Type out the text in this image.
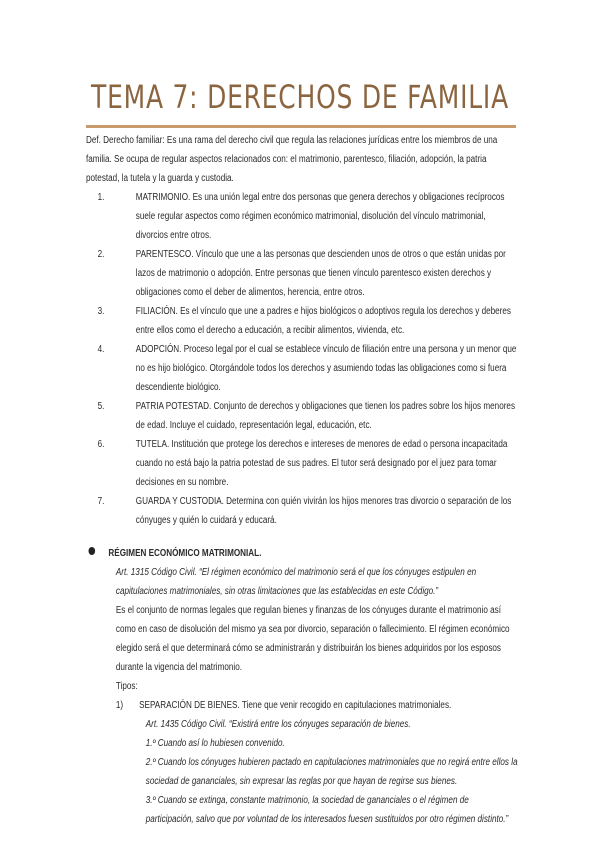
TEMA 7: DERECHOS DE FAMILIA

Def. Derecho familiar: Es una rama del derecho civil que regula las relaciones jurídicas entre los miembros de una familia. Se ocupa de regular aspectos relacionados con: el matrimonio, parentesco, filiación, adopción, la patria potestad, la tutela y la guarda y custodia.

1.	MATRIMONIO. Es una unión legal entre dos personas que genera derechos y obligaciones recíprocos suele regular aspectos como régimen económico matrimonial, disolución del vínculo matrimonial, divorcios entre otros.
2.	PARENTESCO. Vínculo que une a las personas que descienden unos de otros o que están unidas por lazos de matrimonio o adopción. Entre personas que tienen vínculo parentesco existen derechos y obligaciones como el deber de alimentos, herencia, entre otros.
3.	FILIACIÓN. Es el vínculo que une a padres e hijos biológicos o adoptivos regula los derechos y deberes entre ellos como el derecho a educación, a recibir alimentos, vivienda, etc.
4.	ADOPCIÓN. Proceso legal por el cual se establece vínculo de filiación entre una persona y un menor que no es hijo biológico. Otorgándole todos los derechos y asumiendo todas las obligaciones como si fuera descendiente biológico.
5.	PATRIA POTESTAD. Conjunto de derechos y obligaciones que tienen los padres sobre los hijos menores de edad. Incluye el cuidado, representación legal, educación, etc.
6.	TUTELA. Institución que protege los derechos e intereses de menores de edad o persona incapacitada cuando no está bajo la patria potestad de sus padres. El tutor será designado por el juez para tomar decisiones en su nombre.
7.	GUARDA Y CUSTODIA. Determina con quién vivirán los hijos menores tras divorcio o separación de los cónyuges y quién lo cuidará y educará.
RÉGIMEN ECONÓMICO MATRIMONIAL.

Art. 1315 Código Civil. “El régimen económico del matrimonio será el que los cónyuges estipulen en capitulaciones matrimoniales, sin otras limitaciones que las establecidas en este Código.”

Es el conjunto de normas legales que regulan bienes y finanzas de los cónyuges durante el matrimonio así como en caso de disolución del mismo ya sea por divorcio, separación o fallecimiento. El régimen económico elegido será el que determinará cómo se administrarán y distribuirán los bienes adquiridos por los esposos durante la vigencia del matrimonio.

Tipos:

1)	SEPARACIÓN DE BIENES. Tiene que venir recogido en capitulaciones matrimoniales.

Art. 1435 Código Civil. “Existirá entre los cónyuges separación de bienes.

1.º Cuando así lo hubiesen convenido.

2.º Cuando los cónyuges hubieren pactado en capitulaciones matrimoniales que no regirá entre ellos la sociedad de gananciales, sin expresar las reglas por que hayan de regirse sus bienes.

3.º Cuando se extinga, constante matrimonio, la sociedad de gananciales o el régimen de participación, salvo que por voluntad de los interesados fuesen sustituidos por otro régimen distinto.”
